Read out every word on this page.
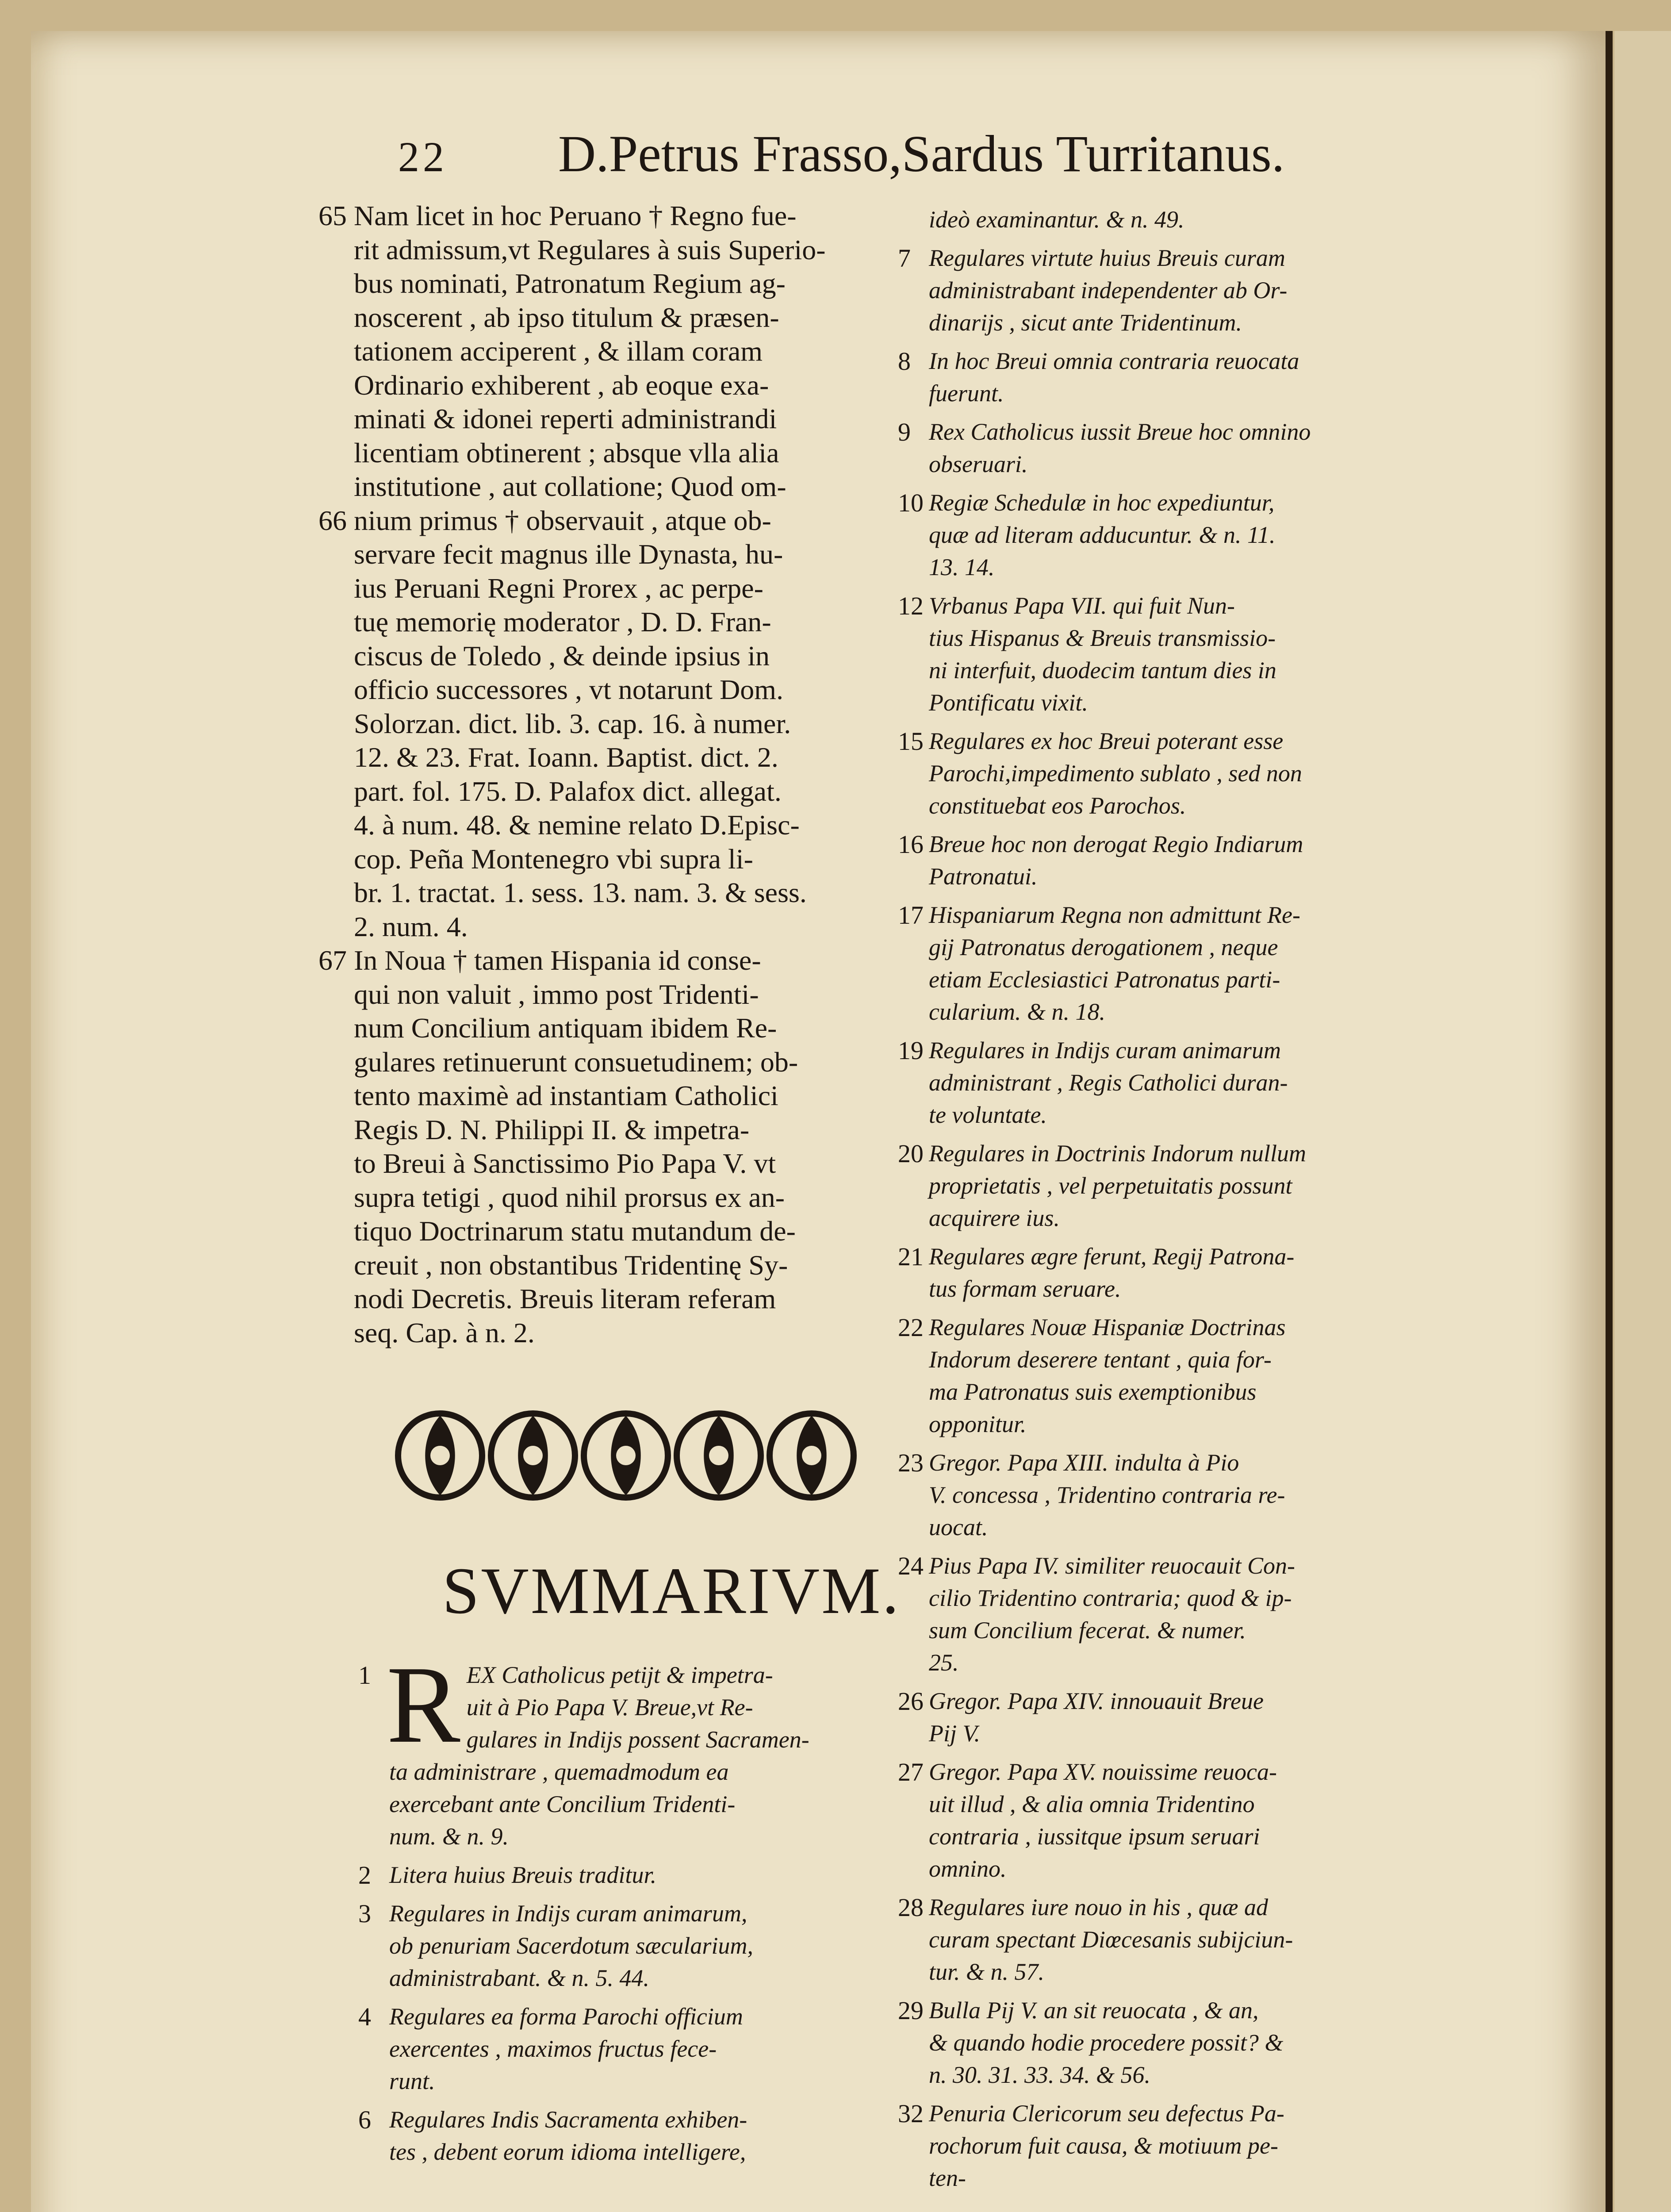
22 D.Petrus Frasso,Sardus Turritanus.
65 Nam licet in hoc Peruano † Regno fue-
rit admissum,vt Regulares à suis Superio-
bus nominati, Patronatum Regium ag-
noscerent , ab ipso titulum & præsen-
tationem acciperent , & illam coram
Ordinario exhiberent , ab eoque exa-
minati & idonei reperti administrandi
licentiam obtinerent ; absque vlla alia
institutione , aut collatione; Quod om-
66 nium primus † observauit , atque ob-
servare fecit magnus ille Dynasta, hu-
ius Peruani Regni Prorex , ac perpe-
tuę memorię moderator , D. D. Fran-
ciscus de Toledo , & deinde ipsius in
officio successores , vt notarunt Dom.
Solorzan. dict. lib. 3. cap. 16. à numer.
12. & 23. Frat. Ioann. Baptist. dict. 2.
part. fol. 175. D. Palafox dict. allegat.
4. à num. 48. & nemine relato D.Episc-
cop. Peña Montenegro vbi supra li-
br. 1. tractat. 1. sess. 13. nam. 3. & sess.
2. num. 4.
67 In Noua † tamen Hispania id conse-
qui non valuit , immo post Tridenti-
num Concilium antiquam ibidem Re-
gulares retinuerunt consuetudinem; ob-
tento maximè ad instantiam Catholici
Regis D. N. Philippi II. & impetra-
to Breui à Sanctissimo Pio Papa V. vt
supra tetigi , quod nihil prorsus ex an-
tiquo Doctrinarum statu mutandum de-
creuit , non obstantibus Tridentinę Sy-
nodi Decretis. Breuis literam referam
seq. Cap. à n. 2.
SVMMARIVM.
1 R EX Catholicus petijt & impetra-
uit à Pio Papa V. Breue,vt Re-
gulares in Indijs possent Sacramen-
ta administrare , quemadmodum ea
exercebant ante Concilium Tridenti-
num. & n. 9.
2 Litera huius Breuis traditur.
3 Regulares in Indijs curam animarum,
ob penuriam Sacerdotum sæcularium,
administrabant. & n. 5. 44.
4 Regulares ea forma Parochi officium
exercentes , maximos fructus fece-
runt.
6 Regulares Indis Sacramenta exhiben-
tes , debent eorum idioma intelligere,
ideò examinantur. & n. 49.
7 Regulares virtute huius Breuis curam
administrabant independenter ab Or-
dinarijs , sicut ante Tridentinum.
8 In hoc Breui omnia contraria reuocata
fuerunt.
9 Rex Catholicus iussit Breue hoc omnino
obseruari.
10 Regiæ Schedulæ in hoc expediuntur,
quæ ad literam adducuntur. & n. 11.
13. 14.
12 Vrbanus Papa VII. qui fuit Nun-
tius Hispanus & Breuis transmissio-
ni interfuit, duodecim tantum dies in
Pontificatu vixit.
15 Regulares ex hoc Breui poterant esse
Parochi,impedimento sublato , sed non
constituebat eos Parochos.
16 Breue hoc non derogat Regio Indiarum
Patronatui.
17 Hispaniarum Regna non admittunt Re-
gij Patronatus derogationem , neque
etiam Ecclesiastici Patronatus parti-
cularium. & n. 18.
19 Regulares in Indijs curam animarum
administrant , Regis Catholici duran-
te voluntate.
20 Regulares in Doctrinis Indorum nullum
proprietatis , vel perpetuitatis possunt
acquirere ius.
21 Regulares ægre ferunt, Regij Patrona-
tus formam seruare.
22 Regulares Nouæ Hispaniæ Doctrinas
Indorum deserere tentant , quia for-
ma Patronatus suis exemptionibus
opponitur.
23 Gregor. Papa XIII. indulta à Pio
V. concessa , Tridentino contraria re-
uocat.
24 Pius Papa IV. similiter reuocauit Con-
cilio Tridentino contraria; quod & ip-
sum Concilium fecerat. & numer.
25.
26 Gregor. Papa XIV. innouauit Breue
Pij V.
27 Gregor. Papa XV. nouissime reuoca-
uit illud , & alia omnia Tridentino
contraria , iussitque ipsum seruari
omnino.
28 Regulares iure nouo in his , quæ ad
curam spectant Diœcesanis subijciun-
tur. & n. 57.
29 Bulla Pij V. an sit reuocata , & an,
& quando hodie procedere possit? &
n. 30. 31. 33. 34. & 56.
32 Penuria Clericorum seu defectus Pa-
rochorum fuit causa, & motiuum pe-
ten-
